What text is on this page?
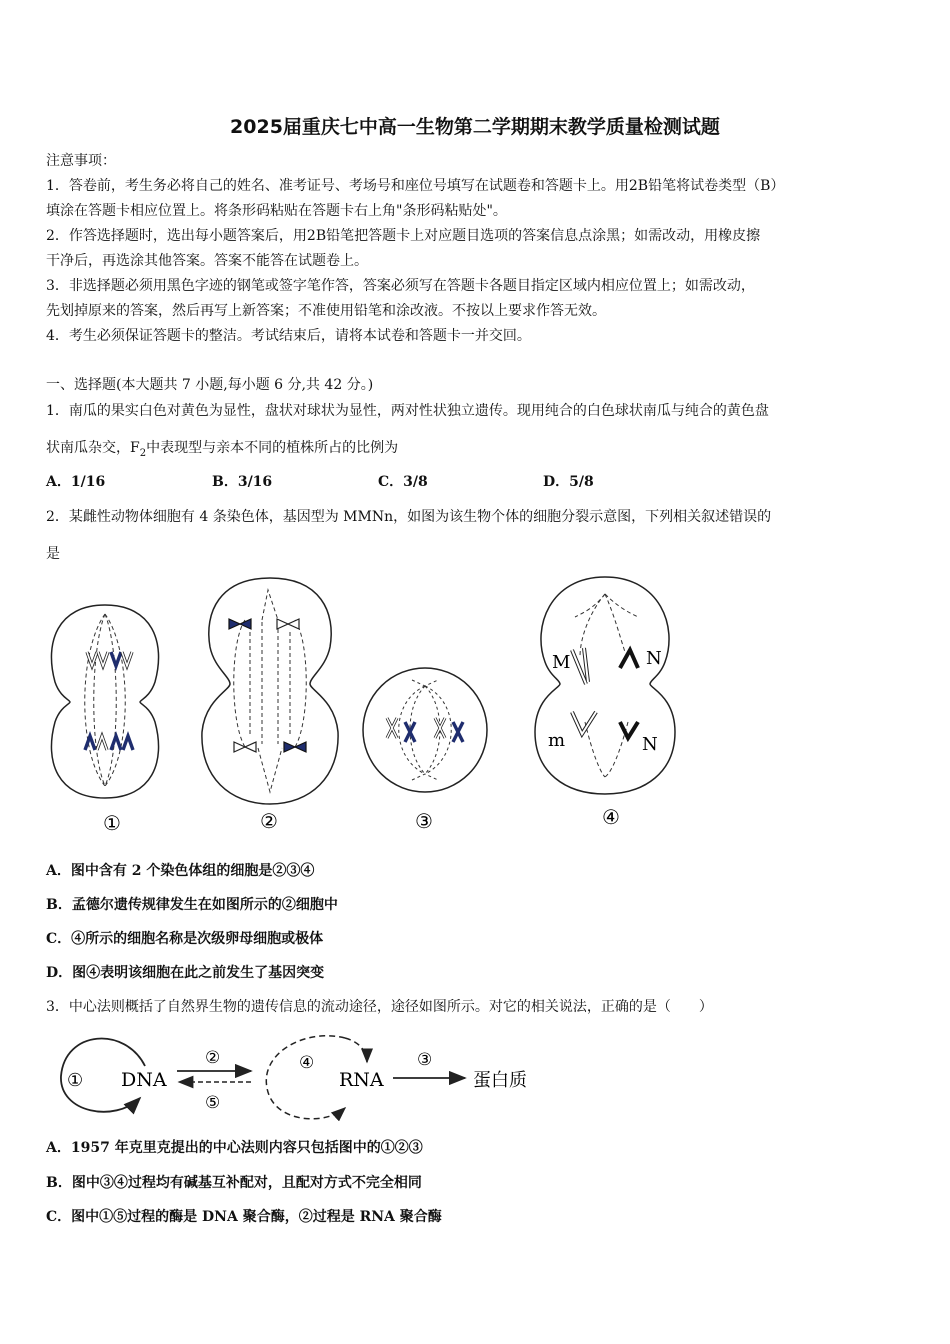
2025届重庆七中高一生物第二学期期末教学质量检测试题
注意事项：
1．答卷前，考生务必将自己的姓名、准考证号、考场号和座位号填写在试题卷和答题卡上。用2B铅笔将试卷类型（B）
填涂在答题卡相应位置上。将条形码粘贴在答题卡右上角"条形码粘贴处"。
2．作答选择题时，选出每小题答案后，用2B铅笔把答题卡上对应题目选项的答案信息点涂黑；如需改动，用橡皮擦
干净后，再选涂其他答案。答案不能答在试题卷上。
3．非选择题必须用黑色字迹的钢笔或签字笔作答，答案必须写在答题卡各题目指定区域内相应位置上；如需改动，
先划掉原来的答案，然后再写上新答案；不准使用铅笔和涂改液。不按以上要求作答无效。
4．考生必须保证答题卡的整洁。考试结束后，请将本试卷和答题卡一并交回。
一、选择题(本大题共 7 小题,每小题 6 分,共 42 分。)
1．南瓜的果实白色对黄色为显性，盘状对球状为显性，两对性状独立遗传。现用纯合的白色球状南瓜与纯合的黄色盘
状南瓜杂交，$F_2$中表现型与亲本不同的植株所占的比例为
A．1/16	B．3/16	C．3/8	D．5/8
2．某雌性动物体细胞有 4 条染色体，基因型为 MMNn，如图为该生物个体的细胞分裂示意图，下列相关叙述错误的
是
M	N
m	N
①	②	③	④
A．图中含有 2 个染色体组的细胞是②③④
B．孟德尔遗传规律发生在如图所示的②细胞中
C．④所示的细胞名称是次级卵母细胞或极体
D．图④表明该细胞在此之前发生了基因突变
3．中心法则概括了自然界生物的遗传信息的流动途径，途径如图所示。对它的相关说法，正确的是（　　）
① DNA
②
⑤
④
RNA
③
蛋白质
A．1957 年克里克提出的中心法则内容只包括图中的①②③
B．图中③④过程均有碱基互补配对，且配对方式不完全相同
C．图中①⑤过程的酶是 DNA 聚合酶，②过程是 RNA 聚合酶
